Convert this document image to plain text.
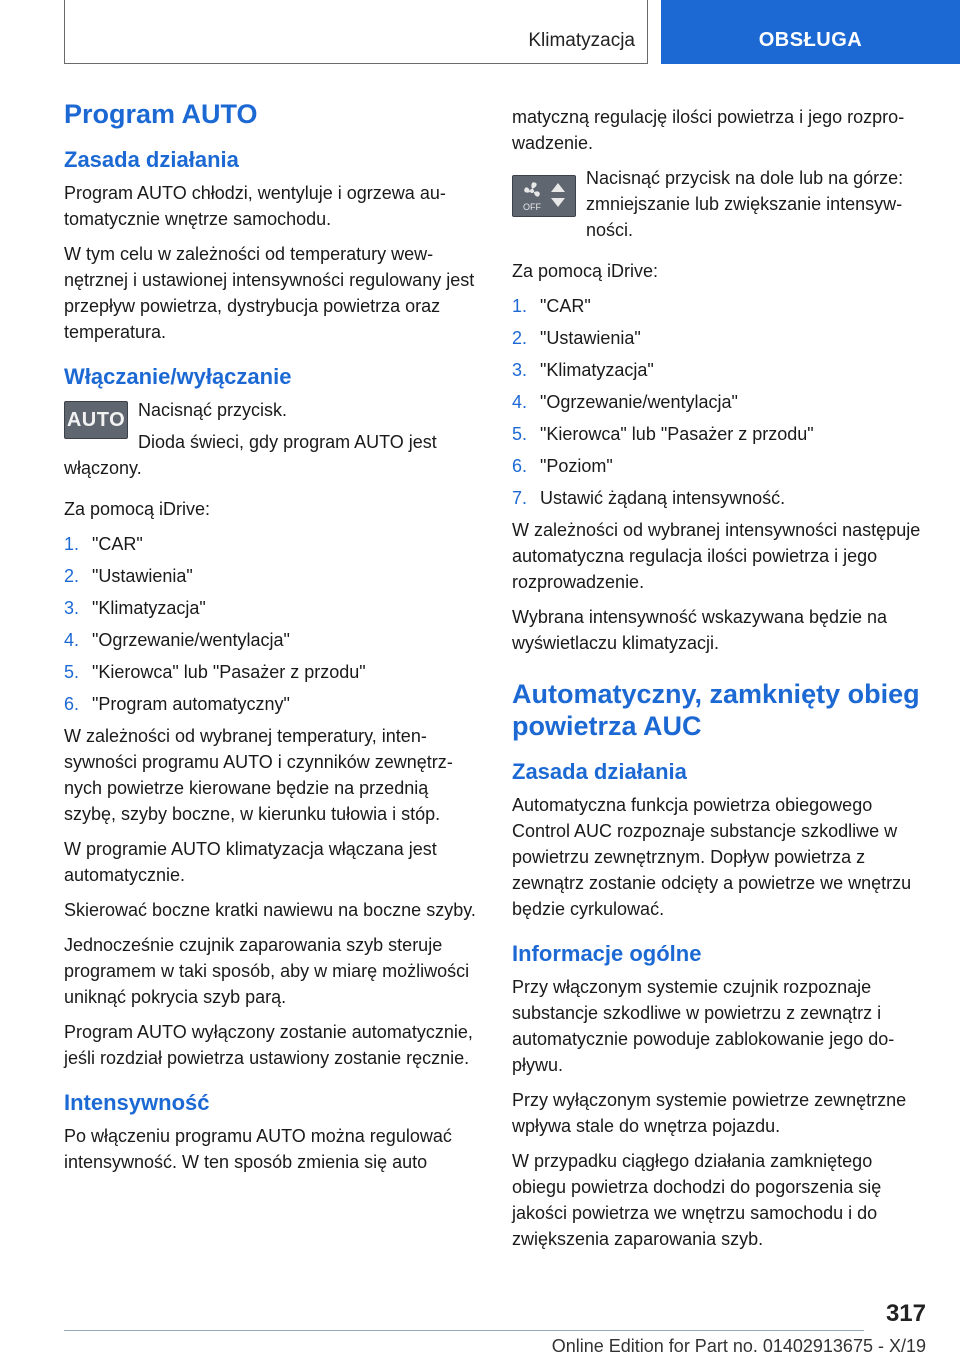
Klimatyzacja	OBSŁUGA
Program AUTO
Zasada działania

Program AUTO chłodzi, wentyluje i ogrzewa automatycznie wnętrze samochodu.

W tym celu w zależności od temperatury wewnętrznej i ustawionej intensywności regulowany jest przepływ powietrza, dystrybucja powietrza oraz temperatura.

Włączanie/wyłączanie
AUTO Nacisnąć przycisk.

Dioda świeci, gdy program AUTO jest włączony.

Za pomocą iDrive:

1. "CAR"
2. "Ustawienia"
3. "Klimatyzacja"
4. "Ogrzewanie/wentylacja"
5. "Kierowca" lub "Pasażer z przodu"
6. "Program automatyczny"

W zależności od wybranej temperatury, intensywności programu AUTO i czynników zewnętrznych powietrze kierowane będzie na przednią szybę, szyby boczne, w kierunku tułowia i stóp.

W programie AUTO klimatyzacja włączana jest automatycznie.

Skierować boczne kratki nawiewu na boczne szyby.

Jednocześnie czujnik zaparowania szyb steruje programem w taki sposób, aby w miarę możliwości uniknąć pokrycia szyb parą.

Program AUTO wyłączony zostanie automatycznie, jeśli rozdział powietrza ustawiony zostanie ręcznie.

Intensywność

Po włączeniu programu AUTO można regulować intensywność. W ten sposób zmienia się auto

matyczną regulację ilości powietrza i jego rozprowadzenie.

OFF

Nacisnąć przycisk na dole lub na górze: zmniejszanie lub zwiększanie intensywności.

Za pomocą iDrive:

1. "CAR"
2. "Ustawienia"
3. "Klimatyzacja"
4. "Ogrzewanie/wentylacja"
5. "Kierowca" lub "Pasażer z przodu"
6. "Poziom"
7. Ustawić żądaną intensywność.

W zależności od wybranej intensywności następuje automatyczna regulacja ilości powietrza i jego rozprowadzenie.

Wybrana intensywność wskazywana będzie na wyświetlaczu klimatyzacji.

Automatyczny, zamknięty obieg powietrza AUC
Zasada działania

Automatyczna funkcja powietrza obiegowego Control AUC rozpoznaje substancje szkodliwe w powietrzu zewnętrznym. Dopływ powietrza z zewnątrz zostanie odcięty a powietrze we wnętrzu będzie cyrkulować.

Informacje ogólne

Przy włączonym systemie czujnik rozpoznaje substancje szkodliwe w powietrzu z zewnątrz i automatycznie powoduje zablokowanie jego dopływu.

Przy wyłączonym systemie powietrze zewnętrzne wpływa stale do wnętrza pojazdu.

W przypadku ciągłego działania zamkniętego obiegu powietrza dochodzi do pogorszenia się jakości powietrza we wnętrzu samochodu i do zwiększenia zaparowania szyb.

317
Online Edition for Part no. 01402913675 - X/19
